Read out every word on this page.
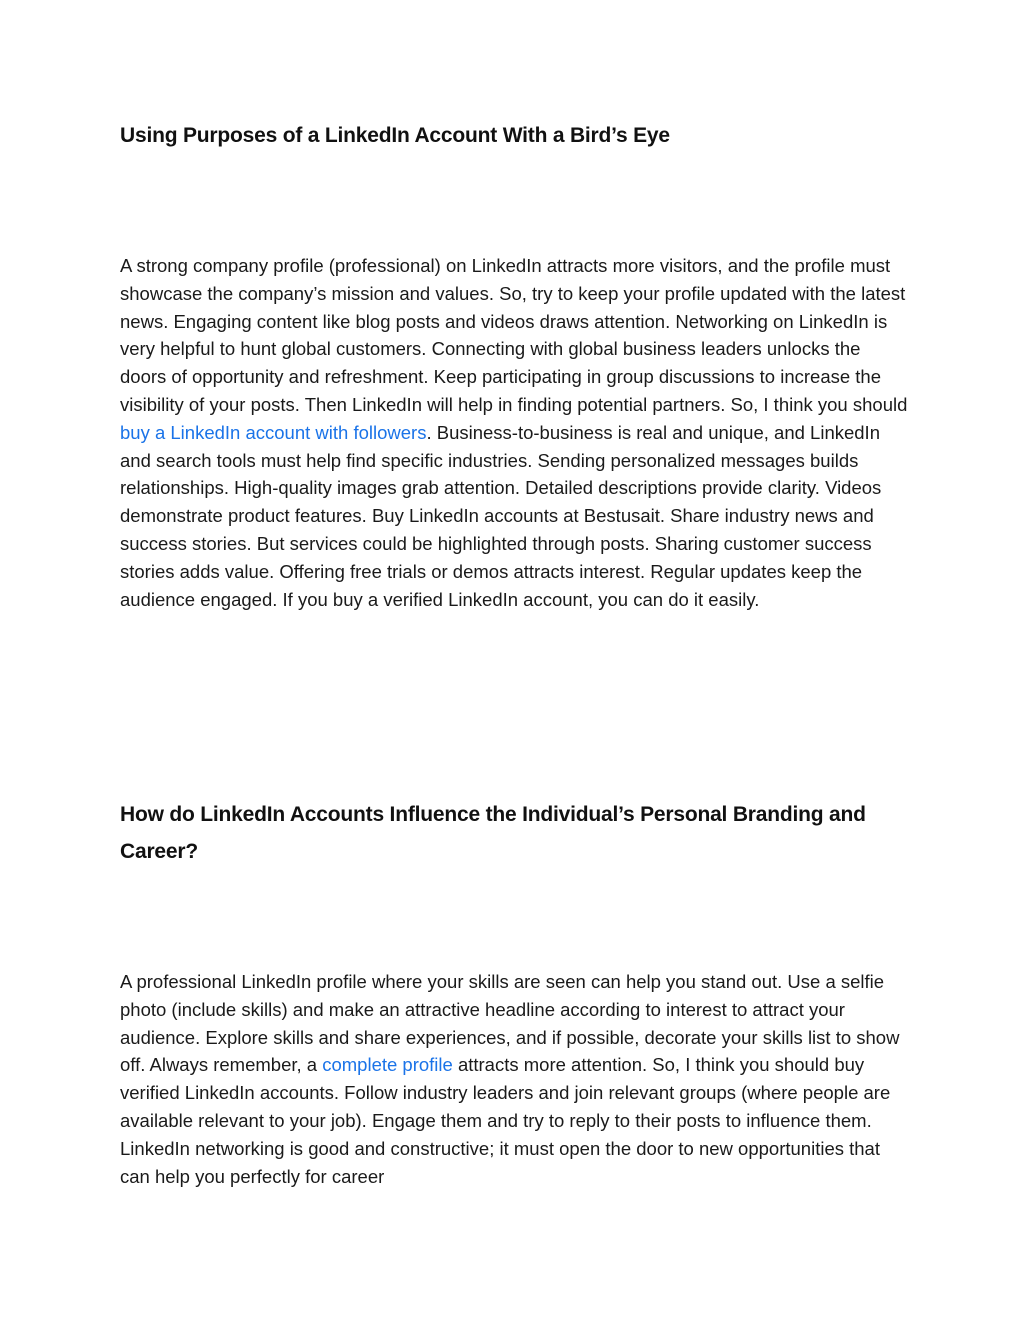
Using Purposes of a LinkedIn Account With a Bird’s Eye

A strong company profile (professional) on LinkedIn attracts more visitors, and the profile must showcase the company’s mission and values. So, try to keep your profile updated with the latest news. Engaging content like blog posts and videos draws attention. Networking on LinkedIn is very helpful to hunt global customers. Connecting with global business leaders unlocks the doors of opportunity and refreshment. Keep participating in group discussions to increase the visibility of your posts. Then LinkedIn will help in finding potential partners. So, I think you should buy a LinkedIn account with followers. Business-to-business is real and unique, and LinkedIn and search tools must help find specific industries. Sending personalized messages builds relationships. High-quality images grab attention. Detailed descriptions provide clarity. Videos demonstrate product features. Buy LinkedIn accounts at Bestusait. Share industry news and success stories. But services could be highlighted through posts. Sharing customer success stories adds value. Offering free trials or demos attracts interest. Regular updates keep the audience engaged. If you buy a verified LinkedIn account, you can do it easily.

How do LinkedIn Accounts Influence the Individual’s Personal Branding and Career?

A professional LinkedIn profile where your skills are seen can help you stand out. Use a selfie photo (include skills) and make an attractive headline according to interest to attract your audience. Explore skills and share experiences, and if possible, decorate your skills list to show off. Always remember, a complete profile attracts more attention. So, I think you should buy verified LinkedIn accounts. Follow industry leaders and join relevant groups (where people are available relevant to your job). Engage them and try to reply to their posts to influence them. LinkedIn networking is good and constructive; it must open the door to new opportunities that can help you perfectly for career
